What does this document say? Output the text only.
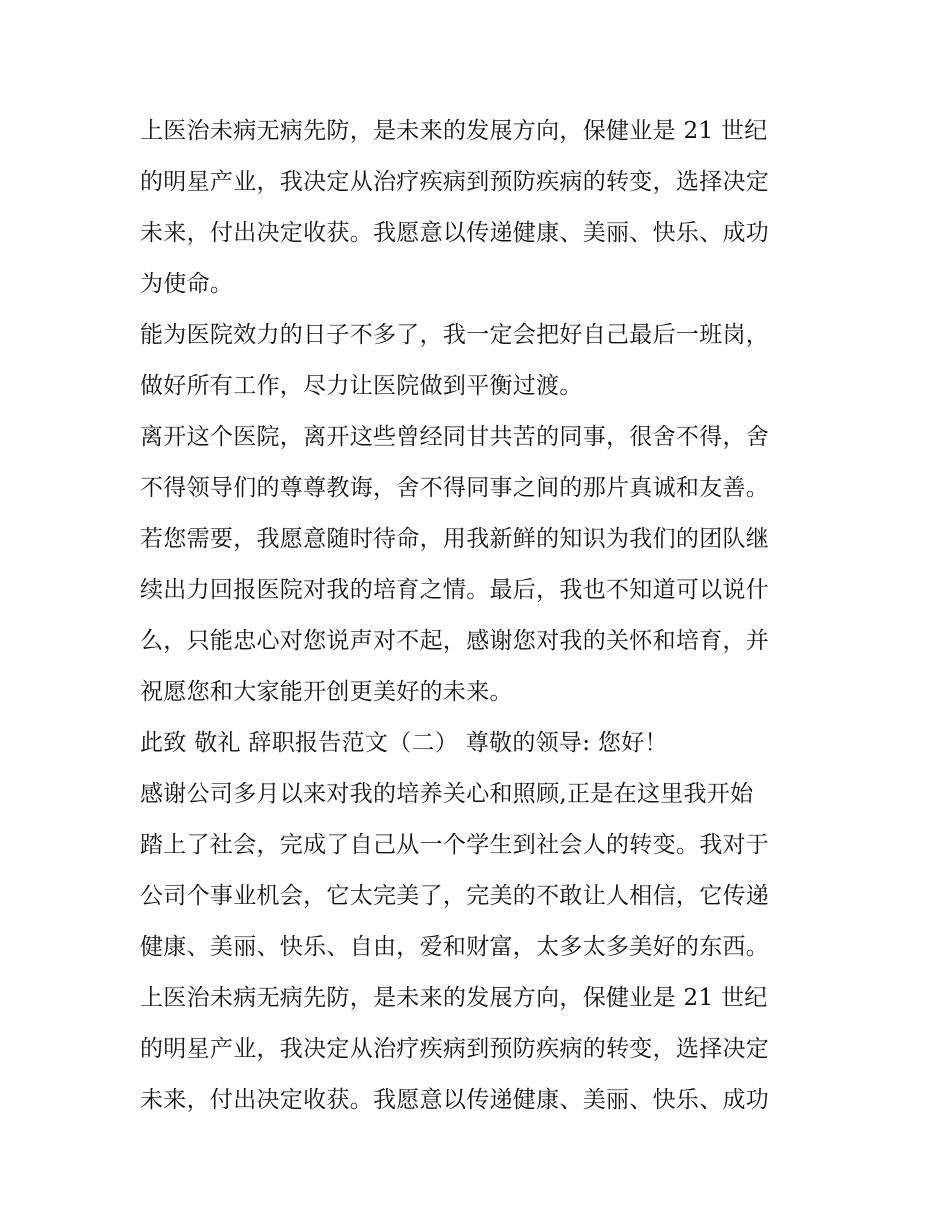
上医治未病无病先防，是未来的发展方向，保健业是 21 世纪
的明星产业，我决定从治疗疾病到预防疾病的转变，选择决定
未来，付出决定收获。我愿意以传递健康、美丽、快乐、成功
为使命。
能为医院效力的日子不多了，我一定会把好自己最后一班岗，
做好所有工作，尽力让医院做到平衡过渡。
离开这个医院，离开这些曾经同甘共苦的同事，很舍不得，舍
不得领导们的尊尊教诲，舍不得同事之间的那片真诚和友善。
若您需要，我愿意随时待命，用我新鲜的知识为我们的团队继
续出力回报医院对我的培育之情。最后，我也不知道可以说什
么，只能忠心对您说声对不起，感谢您对我的关怀和培育，并
祝愿您和大家能开创更美好的未来。
此致 敬礼 辞职报告范文（二） 尊敬的领导: 您好！
感谢公司多月以来对我的培养关心和照顾,正是在这里我开始
踏上了社会，完成了自己从一个学生到社会人的转变。我对于
公司个事业机会，它太完美了，完美的不敢让人相信，它传递
健康、美丽、快乐、自由，爱和财富，太多太多美好的东西。
上医治未病无病先防，是未来的发展方向，保健业是 21 世纪
的明星产业，我决定从治疗疾病到预防疾病的转变，选择决定
未来，付出决定收获。我愿意以传递健康、美丽、快乐、成功
